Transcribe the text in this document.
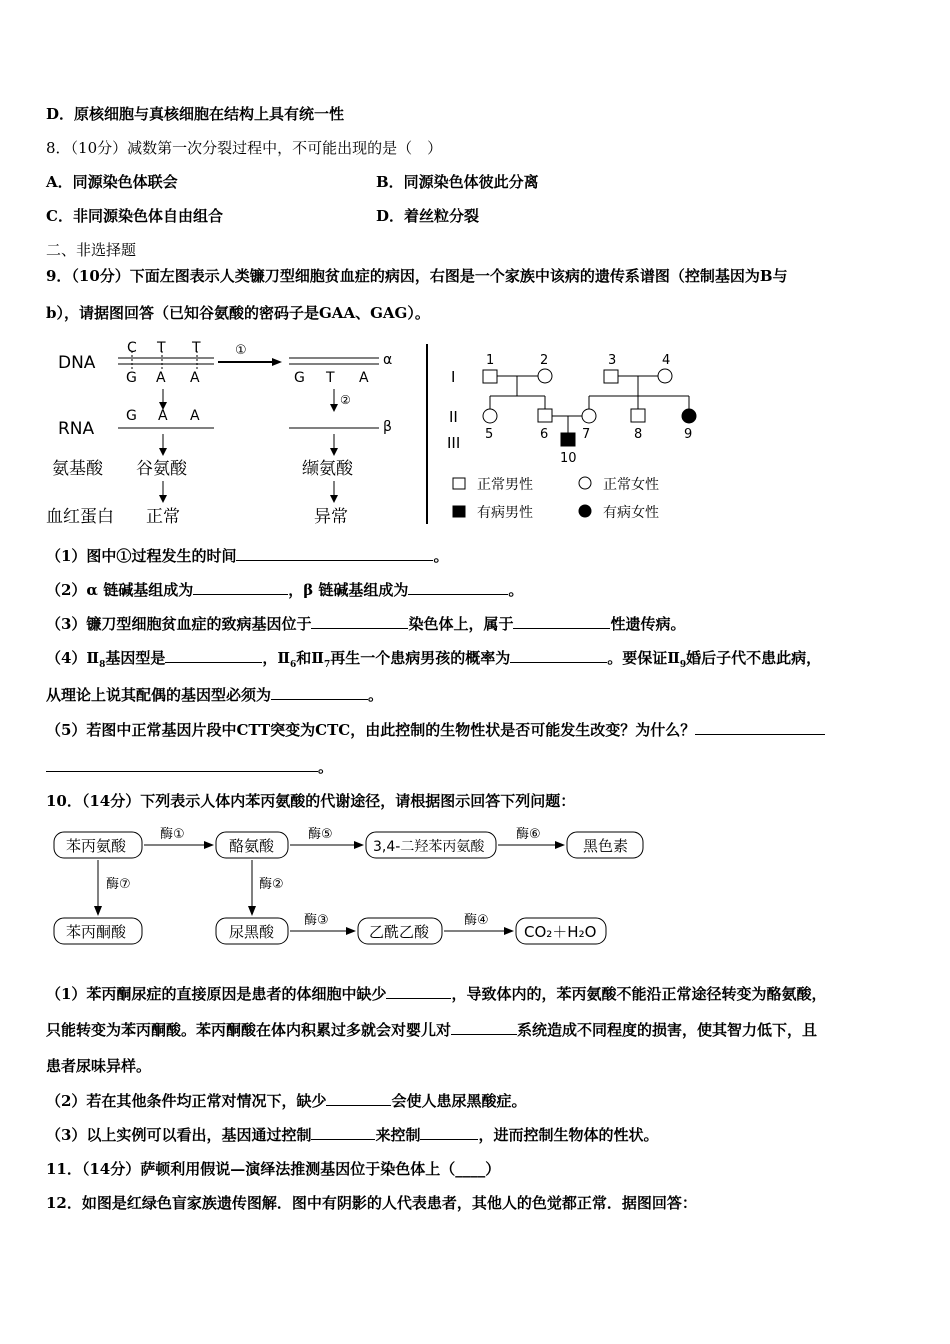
D．原核细胞与真核细胞在结构上具有统一性
8．（10分）减数第一次分裂过程中，不可能出现的是（　）
A．同源染色体联会	B．同源染色体彼此分离
C．非同源染色体自由组合	D．着丝粒分裂
二、非选择题
9．（10分）下面左图表示人类镰刀型细胞贫血症的病因，右图是一个家族中该病的遗传系谱图（控制基因为B与
b），请据图回答（已知谷氨酸的密码子是GAA、GAG）。
DNA
RNA
氨基酸
血红蛋白
C T T
G A A
①
α
G T A
G A A
②
β
谷氨酸
正常
缬氨酸
异常
I
II
III
1	2	3	4
5	6	7	8	9
10
正常男性	正常女性
有病男性	有病女性
（1）图中①过程发生的时间	。
（2）α 链碱基组成为	，β 链碱基组成为	。
（3）镰刀型细胞贫血症的致病基因位于	染色体上，属于	性遗传病。
$(4)Ⅱ_8$基因型是	，$Ⅱ_6$和$Ⅱ_7$再生一个患病男孩的概率为	。要保证$Ⅱ_9$婚后子代不患此病，
从理论上说其配偶的基因型必须为	。
（5）若图中正常基因片段中CTT突变为CTC，由此控制的生物性状是否可能发生改变？为什么？
。
10．（14分）下列表示人体内苯丙氨酸的代谢途径，请根据图示回答下列问题：
苯丙氨酸	酪氨酸	3,4-二羟苯丙氨酸	黑色素
苯丙酮酸	尿黑酸	乙酰乙酸	CO₂＋H₂O
酶①	酶⑤	酶⑥
酶⑦	酶②
酶③	酶④
（1）苯丙酮尿症的直接原因是患者的体细胞中缺少	，导致体内的，苯丙氨酸不能沿正常途径转变为酪氨酸，
只能转变为苯丙酮酸。苯丙酮酸在体内积累过多就会对婴儿对	系统造成不同程度的损害，使其智力低下，且
患者尿味异样。
（2）若在其他条件均正常对情况下，缺少	会使人患尿黑酸症。
（3）以上实例可以看出，基因通过控制	来控制	，进而控制生物体的性状。
11．（14分）萨顿利用假说—演绎法推测基因位于染色体上（____）
12．如图是红绿色盲家族遗传图解．图中有阴影的人代表患者，其他人的色觉都正常．据图回答：
